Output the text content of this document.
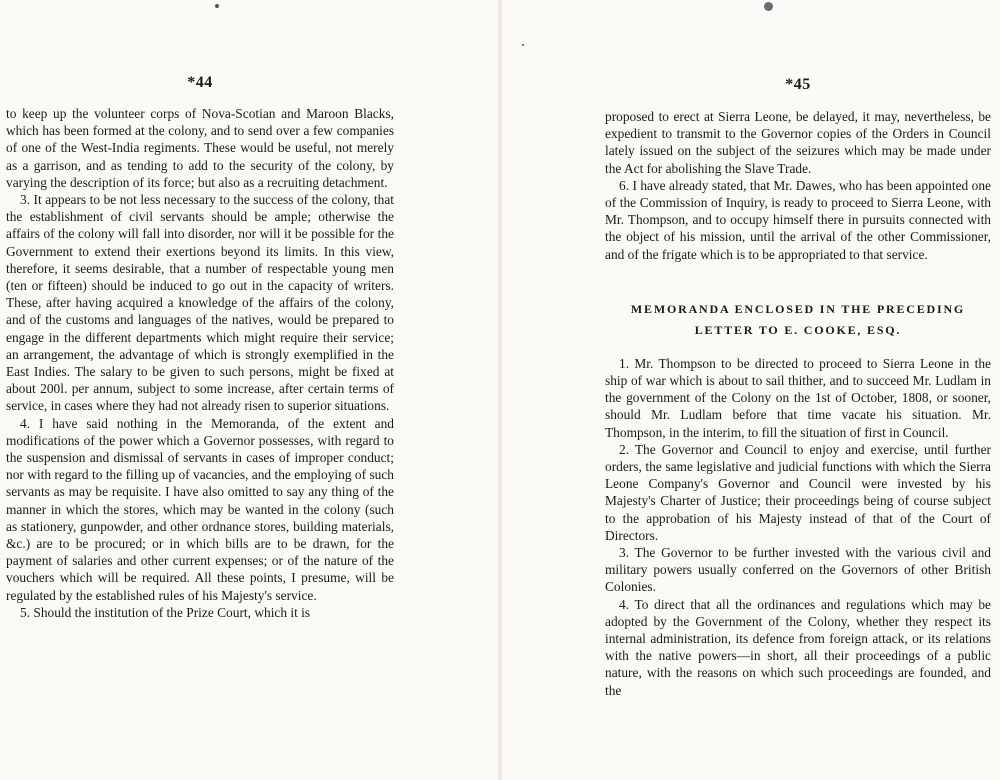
*44

to keep up the volunteer corps of Nova-Scotian and Maroon Blacks, which has been formed at the colony, and to send over a few companies of one of the West-India regiments. These would be useful, not merely as a garrison, and as tending to add to the security of the colony, by varying the description of its force; but also as a recruiting detachment.

3. It appears to be not less necessary to the success of the colony, that the establishment of civil servants should be ample; otherwise the affairs of the colony will fall into disorder, nor will it be possible for the Government to extend their exertions beyond its limits. In this view, therefore, it seems desirable, that a number of respectable young men (ten or fifteen) should be induced to go out in the capacity of writers. These, after having acquired a knowledge of the affairs of the colony, and of the customs and languages of the natives, would be prepared to engage in the different departments which might require their service; an arrangement, the advantage of which is strongly exemplified in the East Indies. The salary to be given to such persons, might be fixed at about 200l. per annum, subject to some increase, after certain terms of service, in cases where they had not already risen to superior situations.

4. I have said nothing in the Memoranda, of the extent and modifications of the power which a Governor possesses, with regard to the suspension and dismissal of servants in cases of improper conduct; nor with regard to the filling up of vacancies, and the employing of such servants as may be requisite. I have also omitted to say any thing of the manner in which the stores, which may be wanted in the colony (such as stationery, gunpowder, and other ordnance stores, building materials, &c.) are to be procured; or in which bills are to be drawn, for the payment of salaries and other current expenses; or of the nature of the vouchers which will be required. All these points, I presume, will be regulated by the established rules of his Majesty's service.

5. Should the institution of the Prize Court, which it is

*45

proposed to erect at Sierra Leone, be delayed, it may, nevertheless, be expedient to transmit to the Governor copies of the Orders in Council lately issued on the subject of the seizures which may be made under the Act for abolishing the Slave Trade.

6. I have already stated, that Mr. Dawes, who has been appointed one of the Commission of Inquiry, is ready to proceed to Sierra Leone, with Mr. Thompson, and to occupy himself there in pursuits connected with the object of his mission, until the arrival of the other Commissioner, and of the frigate which is to be appropriated to that service.

MEMORANDA ENCLOSED IN THE PRECEDING

LETTER TO E. COOKE, ESQ.

1. Mr. Thompson to be directed to proceed to Sierra Leone in the ship of war which is about to sail thither, and to succeed Mr. Ludlam in the government of the Colony on the 1st of October, 1808, or sooner, should Mr. Ludlam before that time vacate his situation. Mr. Thompson, in the interim, to fill the situation of first in Council.

2. The Governor and Council to enjoy and exercise, until further orders, the same legislative and judicial functions with which the Sierra Leone Company's Governor and Council were invested by his Majesty's Charter of Justice; their proceedings being of course subject to the approbation of his Majesty instead of that of the Court of Directors.

3. The Governor to be further invested with the various civil and military powers usually conferred on the Governors of other British Colonies.

4. To direct that all the ordinances and regulations which may be adopted by the Government of the Colony, whether they respect its internal administration, its defence from foreign attack, or its relations with the native powers—in short, all their proceedings of a public nature, with the reasons on which such proceedings are founded, and the
